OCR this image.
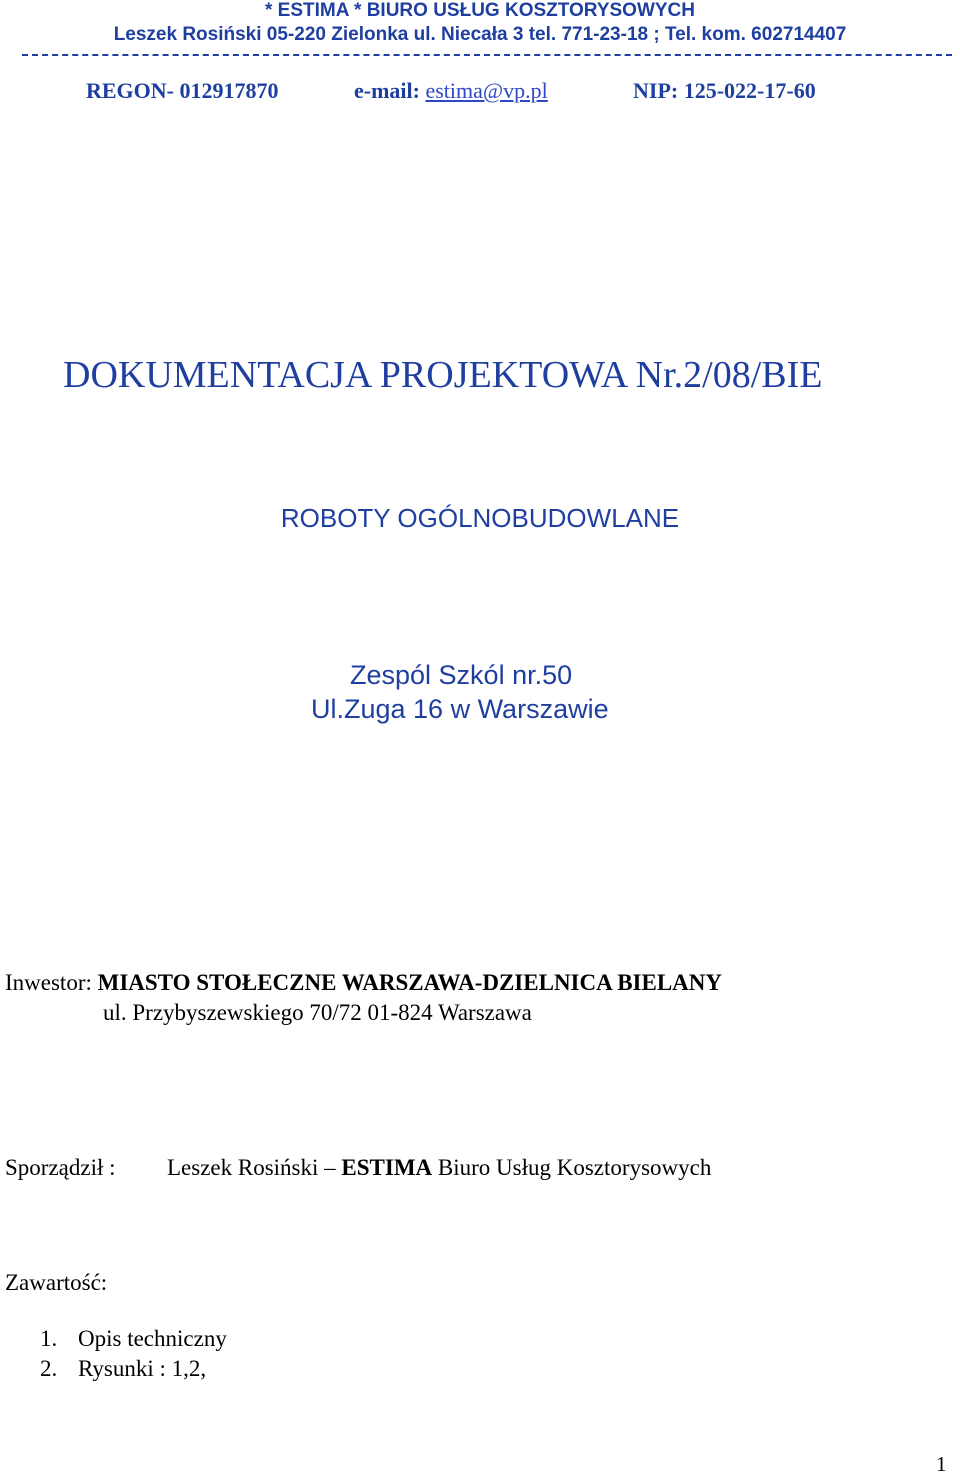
* ESTIMA * BIURO USŁUG KOSZTORYSOWYCH
Leszek Rosiński 05-220 Zielonka ul. Niecała 3 tel. 771-23-18 ; Tel. kom. 602714407
REGON- 012917870	e-mail: estima@vp.pl	NIP: 125-022-17-60
DOKUMENTACJA PROJEKTOWA Nr.2/08/BIE
ROBOTY OGÓLNOBUDOWLANE
Zespól Szkól nr.50
Ul.Zuga 16 w Warszawie
Inwestor: MIASTO STOŁECZNE WARSZAWA-DZIELNICA BIELANY
ul. Przybyszewskiego 70/72 01-824 Warszawa
Sporządził : Leszek Rosiński – ESTIMA Biuro Usług Kosztorysowych
Zawartość:
1. Opis techniczny
2. Rysunki : 1,2,
1
